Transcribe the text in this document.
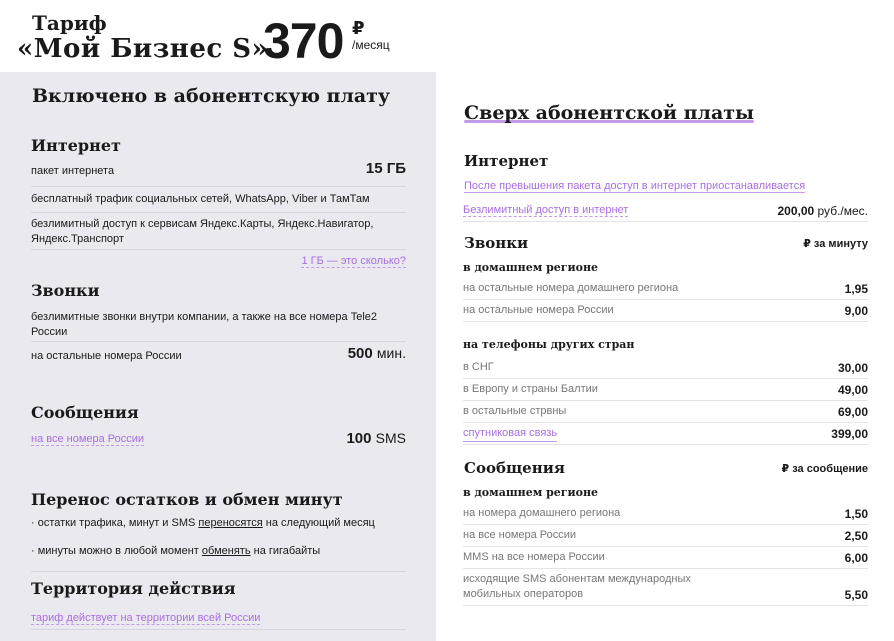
Тариф
«Мой Бизнес S»
370 ₽
/месяц
Включено в абонентскую плату
Интернет
пакет интернета	15 ГБ
бесплатный трафик социальных сетей, WhatsApp, Viber и ТамТам
безлимитный доступ к сервисам Яндекс.Карты, Яндекс.Навигатор, Яндекс.Транспорт
1 ГБ — это сколько?
Звонки
безлимитные звонки внутри компании, а также на все номера Tele2 России
на остальные номера России	500 мин.
Сообщения
на все номера России	100 SMS
Перенос остатков и обмен минут
· остатки трафика, минут и SMS переносятся на следующий месяц
· минуты можно в любой момент обменять на гигабайты
Территория действия
тариф действует на территории всей России
Сверх абонентской платы
Интернет
После превышения пакета доступ в интернет приостанавливается
Безлимитный доступ в интернет	200,00 руб./мес.
Звонки	₽ за минуту
в домашнем регионе
на остальные номера домашнего региона	1,95
на остальные номера России	9,00
на телефоны других стран
в СНГ	30,00
в Европу и страны Балтии	49,00
в остальные стрвны	69,00
спутниковая связь	399,00
Сообщения	₽ за сообщение
в домашнем регионе
на номера домашнего региона	1,50
на все номера России	2,50
MMS на все номера России	6,00
исходящие SMS абонентам международных мобильных операторов	5,50
